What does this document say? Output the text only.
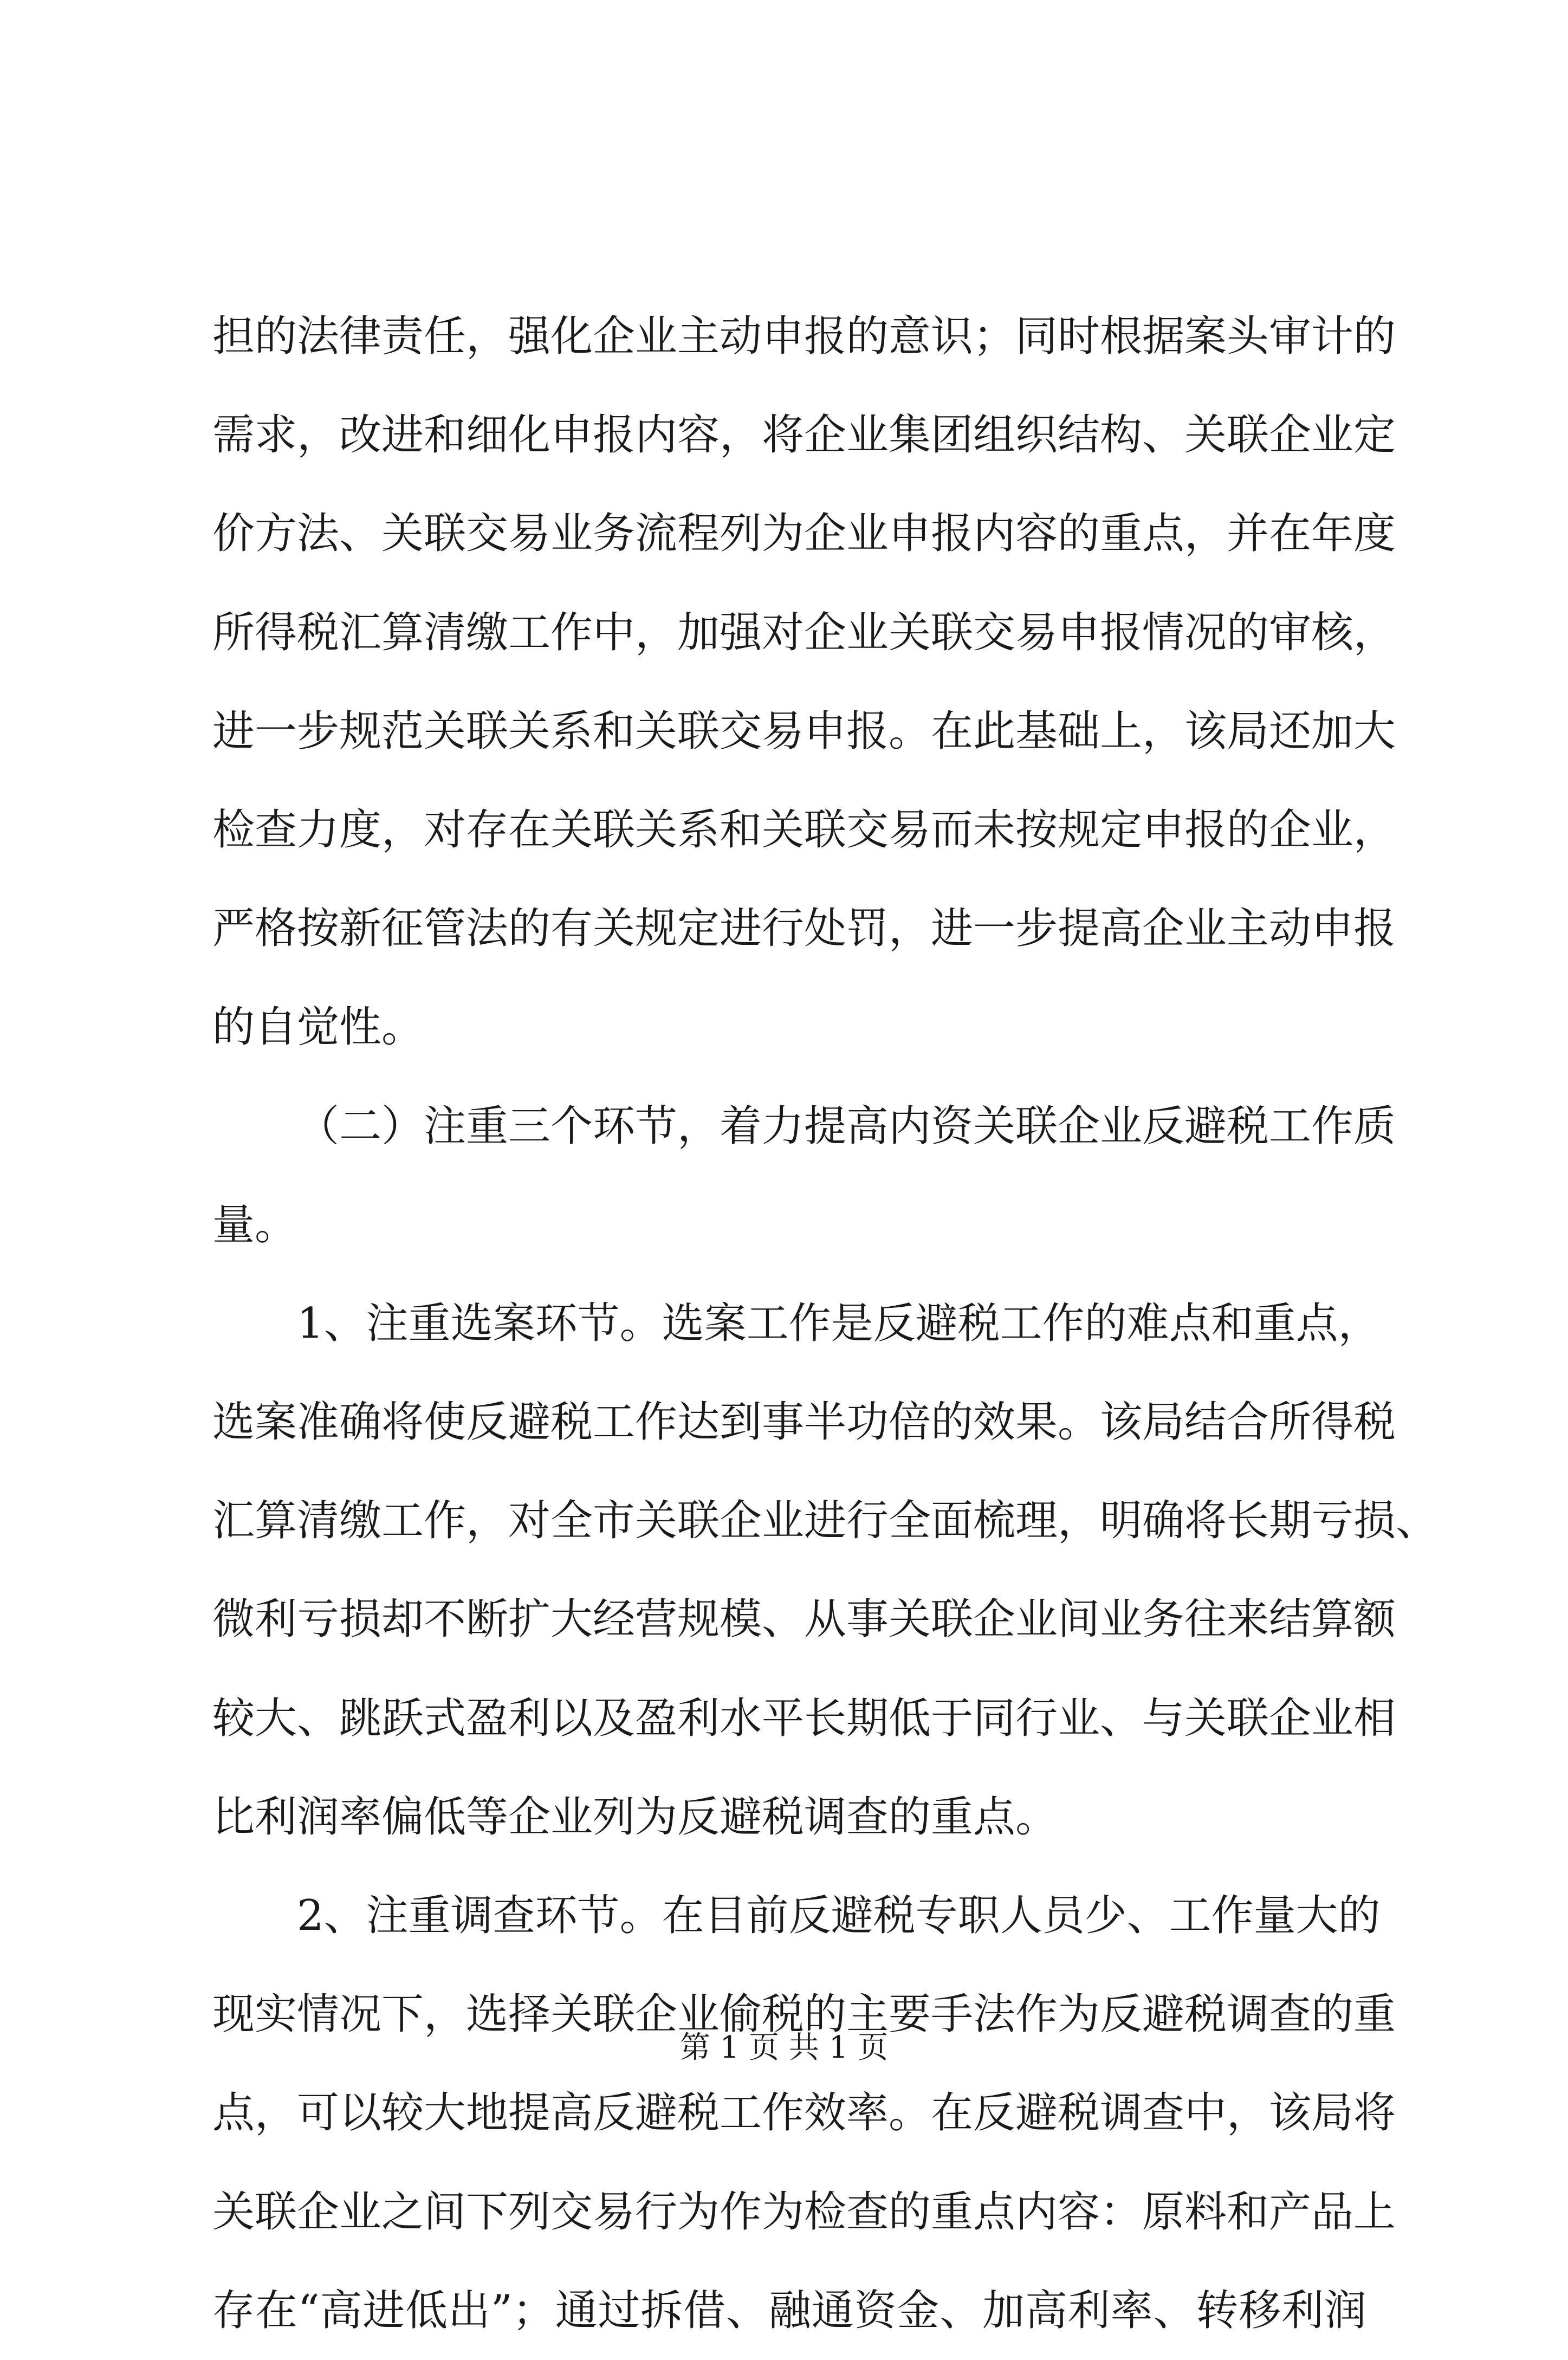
担的法律责任，强化企业主动申报的意识；同时根据案头审计的
需求，改进和细化申报内容，将企业集团组织结构、关联企业定
价方法、关联交易业务流程列为企业申报内容的重点，并在年度
所得税汇算清缴工作中，加强对企业关联交易申报情况的审核，
进一步规范关联关系和关联交易申报。在此基础上，该局还加大
检查力度，对存在关联关系和关联交易而未按规定申报的企业，
严格按新征管法的有关规定进行处罚，进一步提高企业主动申报
的自觉性。
（二）注重三个环节，着力提高内资关联企业反避税工作质
量。
1、注重选案环节。选案工作是反避税工作的难点和重点，
选案准确将使反避税工作达到事半功倍的效果。该局结合所得税
汇算清缴工作，对全市关联企业进行全面梳理，明确将长期亏损、
微利亏损却不断扩大经营规模、从事关联企业间业务往来结算额
较大、跳跃式盈利以及盈利水平长期低于同行业、与关联企业相
比利润率偏低等企业列为反避税调查的重点。
2、注重调查环节。在目前反避税专职人员少、工作量大的
现实情况下，选择关联企业偷税的主要手法作为反避税调查的重
点，可以较大地提高反避税工作效率。在反避税调查中，该局将
关联企业之间下列交易行为作为检查的重点内容：原料和产品上
存在“高进低出”；通过拆借、融通资金、加高利率、转移利润
第 1 页 共 1 页
